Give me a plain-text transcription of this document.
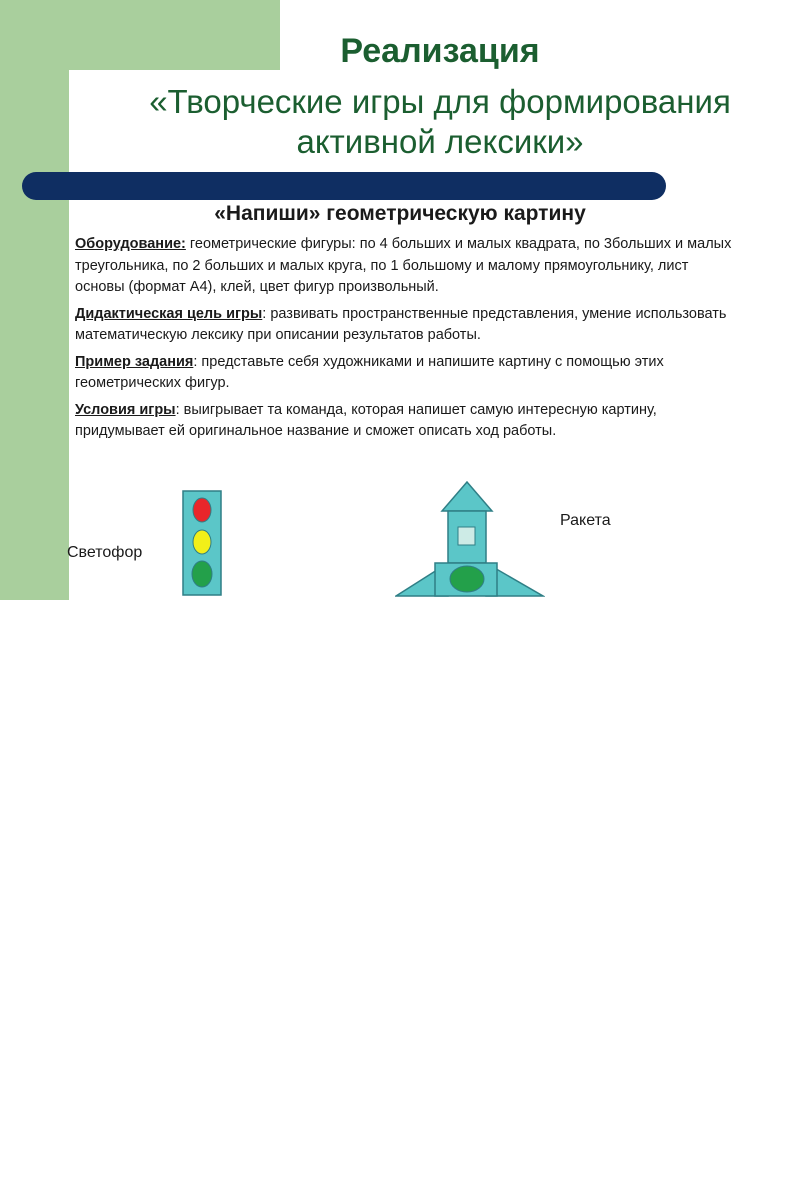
Реализация
«Творческие игры для формирования
активной лексики»
«Напиши» геометрическую картину

Оборудование: геометрические фигуры: по 4 больших и малых квадрата, по 3больших и малых треугольника, по 2 больших и малых круга, по 1 большому и малому прямоугольнику, лист основы (формат А4), клей, цвет фигур произвольный.

Дидактическая цель игры: развивать пространственные представления, умение использовать математическую лексику при описании результатов работы.

Пример задания: представьте себя художниками и напишите картину с помощью этих геометрических фигур.

Условия игры: выигрывает та команда, которая напишет самую интересную картину, придумывает ей оригинальное название и сможет описать ход работы.

Светофор
Ракета
